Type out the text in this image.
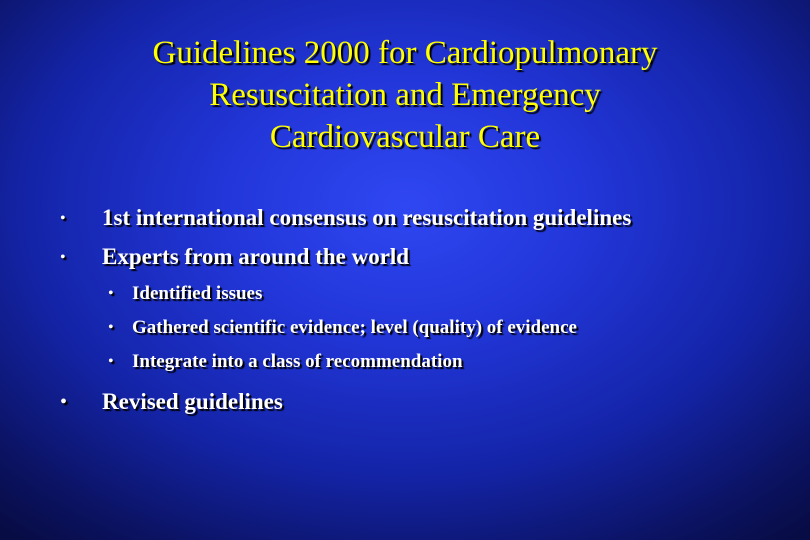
Guidelines 2000 for Cardiopulmonary
Resuscitation and Emergency
Cardiovascular Care
• 1st international consensus on resuscitation guidelines
• Experts from around the world
• Identified issues
• Gathered scientific evidence; level (quality) of evidence
• Integrate into a class of recommendation
• Revised guidelines
